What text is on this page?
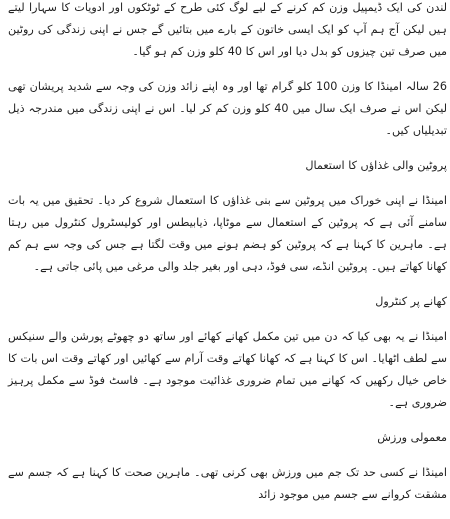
لندن کی ایک ڈیمپیل وزن کم کرنے کے لیے لوگ کئی طرح کے ٹوٹکوں اور ادویات کا سہارا لیتے ہیں لیکن آج ہم آپ کو ایک ایسی خاتون کے بارے میں بتائیں گے جس نے اپنی زندگی کی روٹین میں صرف تین چیزوں کو بدل دیا اور اس کا 40 کلو وزن کم ہو گیا۔

26 سالہ امینڈا کا وزن 100 کلو گرام تھا اور وہ اپنے زائد وزن کی وجہ سے شدید پریشان تھی لیکن اس نے صرف ایک سال میں 40 کلو وزن کم کر لیا۔ اس نے اپنی زندگی میں مندرجہ ذیل تبدیلیاں کیں۔

پروٹین والی غذاؤں کا استعمال

امینڈا نے اپنی خوراک میں پروٹین سے بنی غذاؤں کا استعمال شروع کر دیا۔ تحقیق میں یہ بات سامنے آئی ہے کہ پروٹین کے استعمال سے موٹاپا، ذیابیطس اور کولیسٹرول کنٹرول میں رہتا ہے۔ ماہرین کا کہنا ہے کہ پروٹین کو ہضم ہونے میں وقت لگتا ہے جس کی وجہ سے ہم کم کھانا کھاتے ہیں۔ پروٹین انڈے، سی فوڈ، دہی اور بغیر جلد والی مرغی میں پائی جاتی ہے۔

کھانے پر کنٹرول

امینڈا نے یہ بھی کیا کہ دن میں تین مکمل کھانے کھائے اور ساتھ دو چھوٹے پورشن والے سنیکس سے لطف اٹھایا۔ اس کا کہنا ہے کہ کھانا کھاتے وقت آرام سے کھائیں اور کھاتے وقت اس بات کا خاص خیال رکھیں کہ کھانے میں تمام ضروری غذائیت موجود ہے۔ فاسٹ فوڈ سے مکمل پرہیز ضروری ہے۔

معمولی ورزش

امینڈا نے کسی حد تک جم میں ورزش بھی کرنی تھی۔ ماہرین صحت کا کہنا ہے کہ جسم سے مشقت کروانے سے جسم میں موجود زائد
